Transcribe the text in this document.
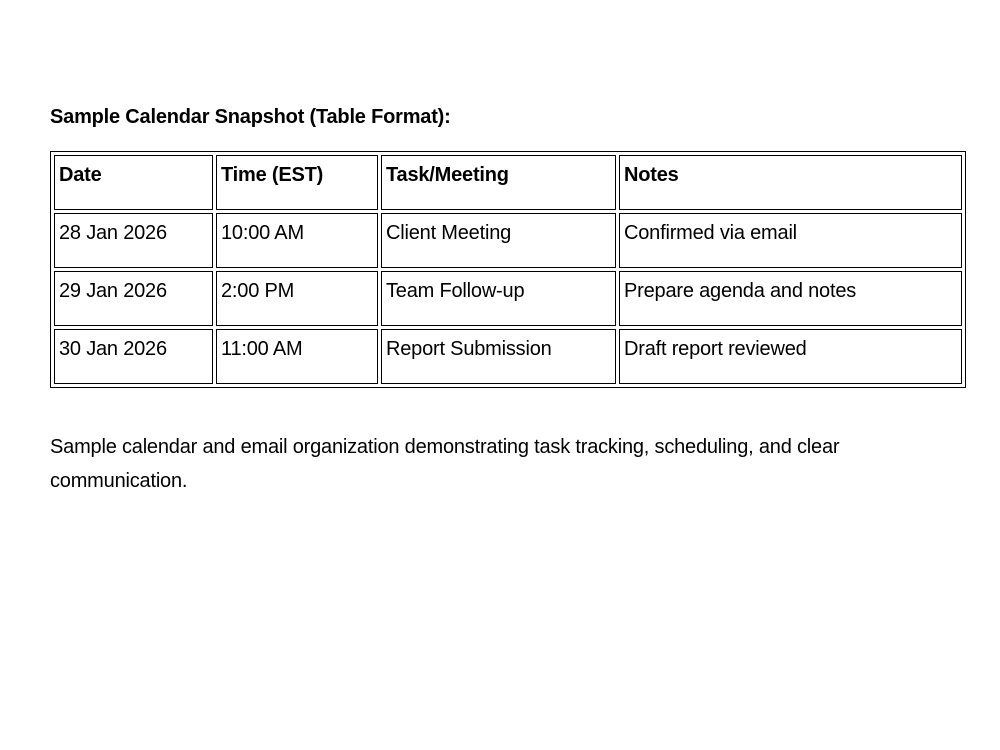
Sample Calendar Snapshot (Table Format):
Date	Time (EST)	Task/Meeting	Notes
28 Jan 2026	10:00 AM	Client Meeting	Confirmed via email
29 Jan 2026	2:00 PM	Team Follow-up	Prepare agenda and notes
30 Jan 2026	11:00 AM	Report Submission	Draft report reviewed

Sample calendar and email organization demonstrating task tracking, scheduling, and clear communication.
